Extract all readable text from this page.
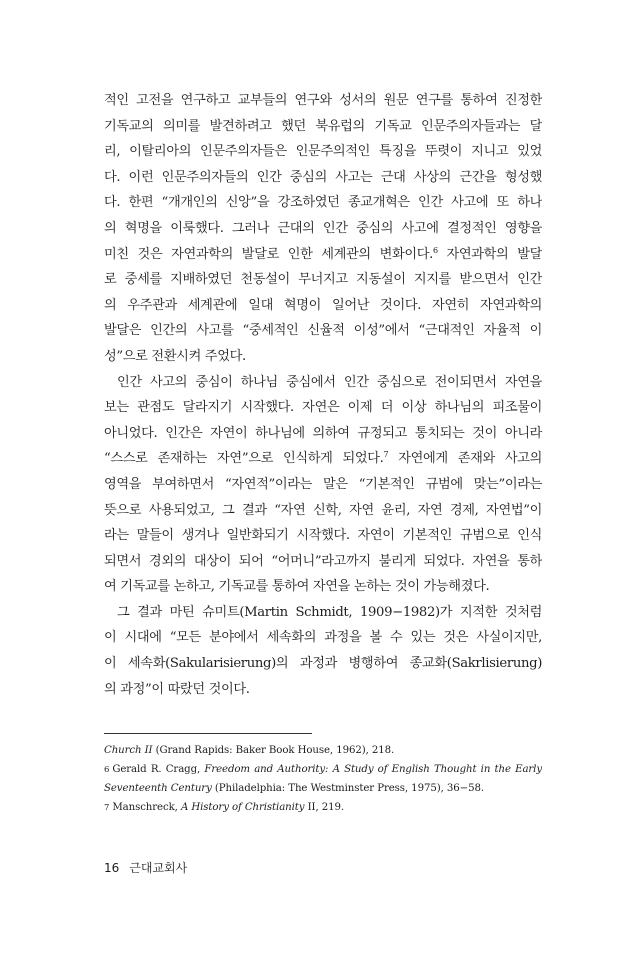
적인 고전을 연구하고 교부들의 연구와 성서의 원문 연구를 통하여 진정한
기독교의 의미를 발견하려고 했던 북유럽의 기독교 인문주의자들과는 달
리, 이탈리아의 인문주의자들은 인문주의적인 특징을 뚜렷이 지니고 있었
다. 이런 인문주의자들의 인간 중심의 사고는 근대 사상의 근간을 형성했
다. 한편 “개개인의 신앙”을 강조하였던 종교개혁은 인간 사고에 또 하나
의 혁명을 이룩했다. 그러나 근대의 인간 중심의 사고에 결정적인 영향을
미친 것은 자연과학의 발달로 인한 세계관의 변화이다.$^6$ 자연과학의 발달
로 중세를 지배하였던 천동설이 무너지고 지동설이 지지를 받으면서 인간
의 우주관과 세계관에 일대 혁명이 일어난 것이다. 자연히 자연과학의
발달은 인간의 사고를 “중세적인 신율적 이성”에서 “근대적인 자율적 이
성”으로 전환시켜 주었다.
인간 사고의 중심이 하나님 중심에서 인간 중심으로 전이되면서 자연을
보는 관점도 달라지기 시작했다. 자연은 이제 더 이상 하나님의 피조물이
아니었다. 인간은 자연이 하나님에 의하여 규정되고 통치되는 것이 아니라
“스스로 존재하는 자연”으로 인식하게 되었다.$^7$ 자연에게 존재와 사고의
영역을 부여하면서 “자연적”이라는 말은 “기본적인 규범에 맞는”이라는
뜻으로 사용되었고, 그 결과 “자연 신학, 자연 윤리, 자연 경제, 자연법”이
라는 말들이 생겨나 일반화되기 시작했다. 자연이 기본적인 규범으로 인식
되면서 경외의 대상이 되어 “어머니”라고까지 불리게 되었다. 자연을 통하
여 기독교를 논하고, 기독교를 통하여 자연을 논하는 것이 가능해졌다.
그 결과 마틴 슈미트(Martin Schmidt, 1909−1982)가 지적한 것처럼
이 시대에 “모든 분야에서 세속화의 과정을 볼 수 있는 것은 사실이지만,
이 세속화(Sakularisierung)의 과정과 병행하여 종교화(Sakrlisierung)
의 과정”이 따랐던 것이다.
Church II (Grand Rapids: Baker Book House, 1962), 218.
6 Gerald R. Cragg, Freedom and Authority: A Study of English Thought in the Early
Seventeenth Century (Philadelphia: The Westminster Press, 1975), 36−58.
7 Manschreck, A History of Christianity II, 219.
16 근대교회사
